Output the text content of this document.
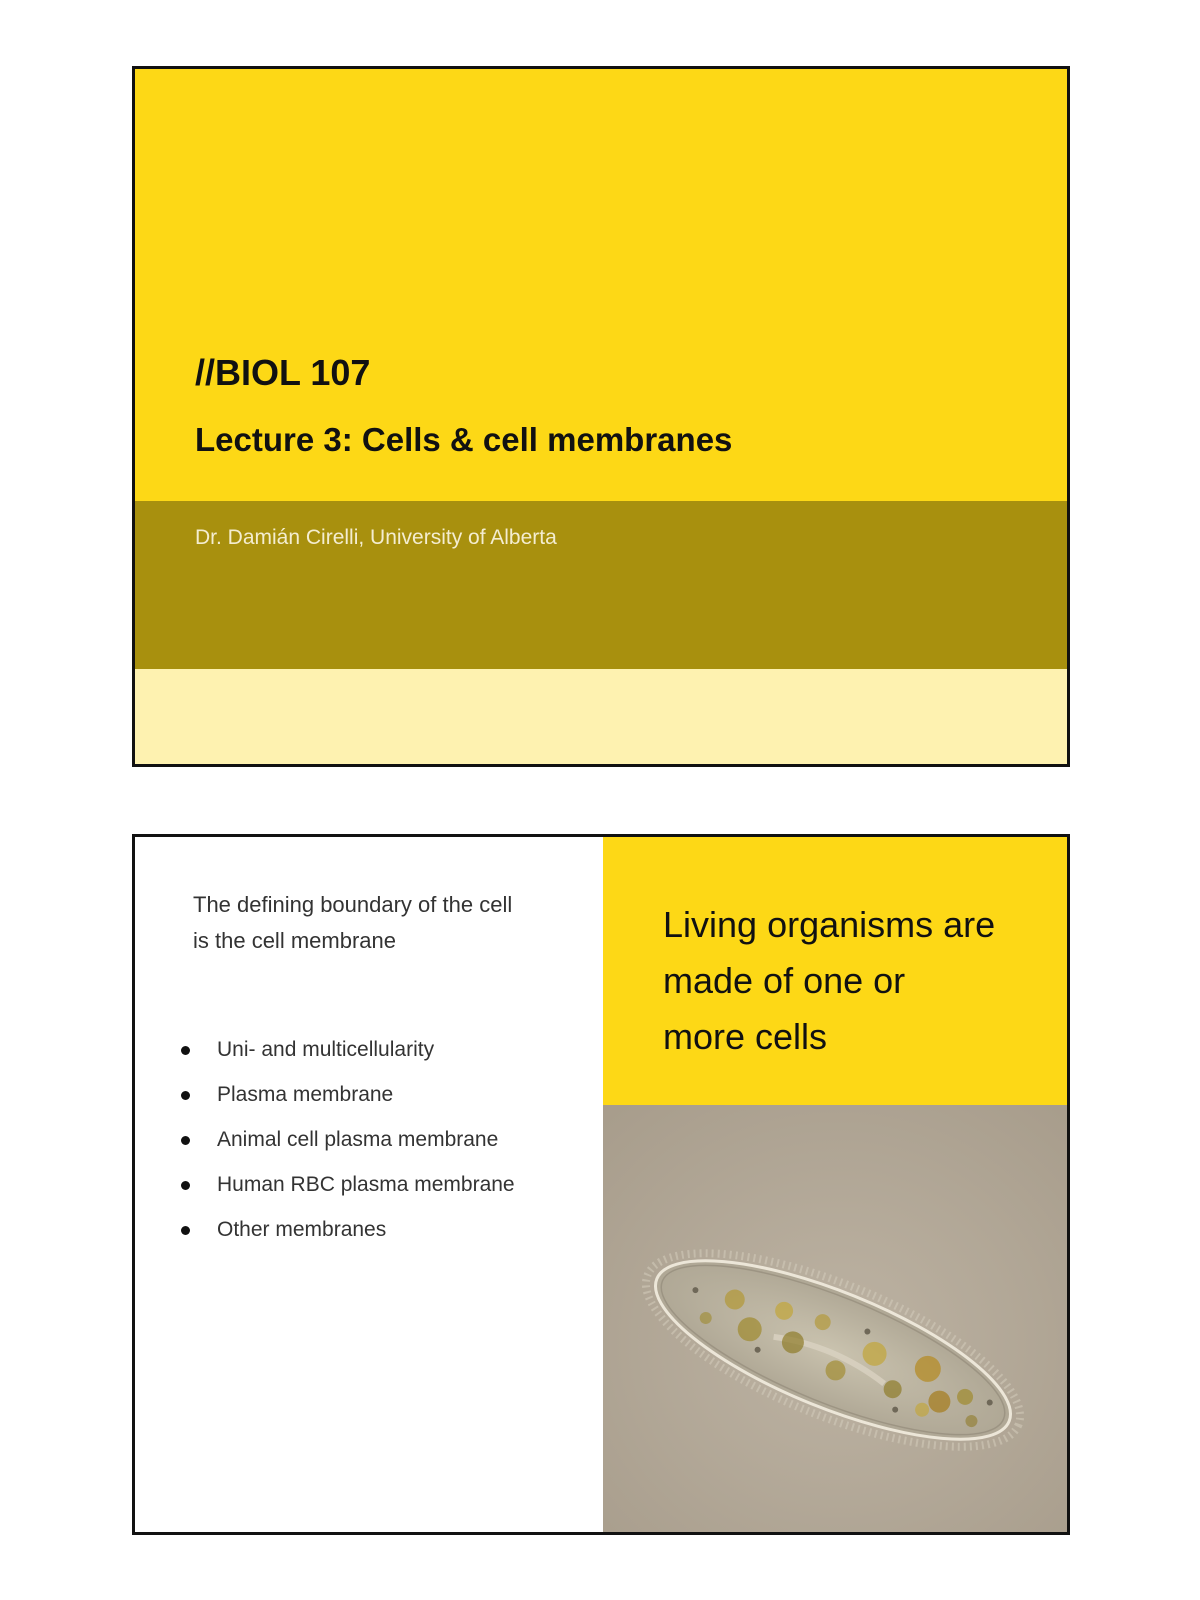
//BIOL 107
Lecture 3: Cells & cell membranes
Dr. Damián Cirelli, University of Alberta
The defining boundary of the cell
is the cell membrane
Uni- and multicellularity
Plasma membrane
Animal cell plasma membrane
Human RBC plasma membrane
Other membranes
Living organisms are
made of one or
more cells
